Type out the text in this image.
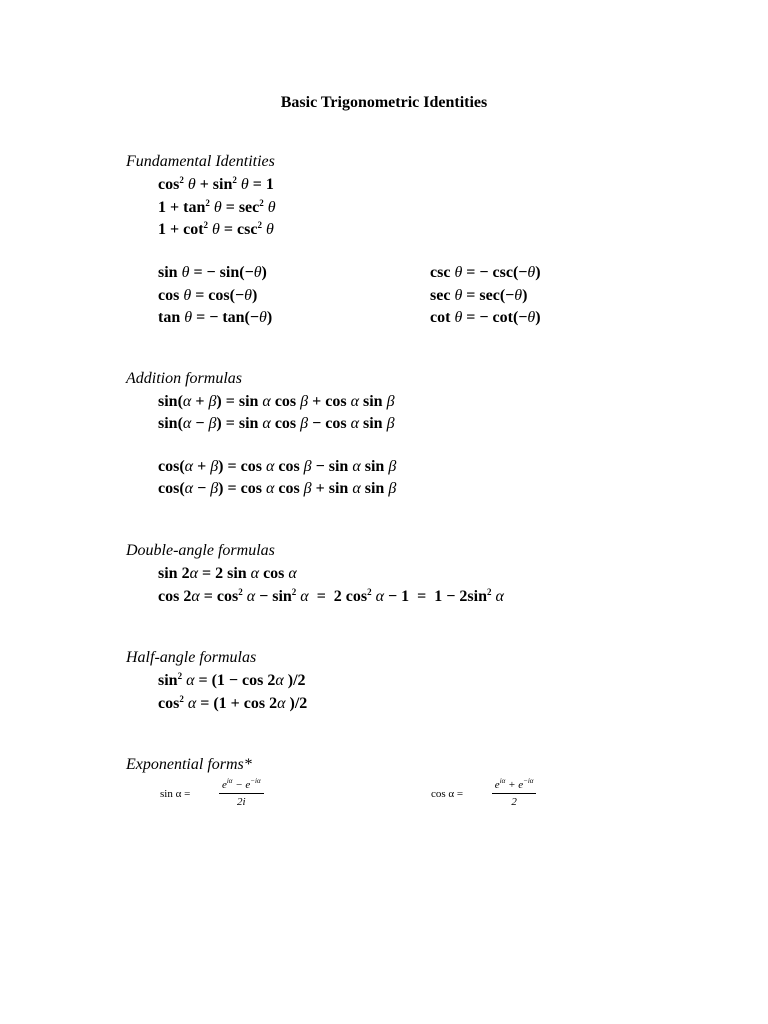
Basic Trigonometric Identities
Fundamental Identities
$\cos^2 \theta + \sin^2 \theta = 1$
$1 + \tan^2 \theta = \sec^2 \theta$
$1 + \cot^2 \theta = \csc^2 \theta$
sin θ = − sin(−θ)
cos θ = cos(−θ)
tan θ = − tan(−θ)
csc θ = − csc(−θ)
sec θ = sec(−θ)
cot θ = − cot(−θ)
Addition formulas
sin(α + β) = sin α cos β + cos α sin β
sin(α − β) = sin α cos β − cos α sin β
cos(α + β) = cos α cos β − sin α sin β
cos(α − β) = cos α cos β + sin α sin β
Double-angle formulas
sin 2α = 2 sin α cos α
$\cos 2\alpha = \cos^2 \alpha - \sin^2 \alpha = 2$ $\cos^2 \alpha - 1 = 1 - 2\sin^2$ α
Half-angle formulas
$\sin^2 \alpha = (1 - \cos 2\alpha$ )/2
$\cos^2 \alpha = (1 + \cos 2\alpha$ )/2
Exponential forms*
$\sin \alpha = \frac{e^{i\alpha} - e^{-i\alpha}}{2i}$	$\cos \alpha = \frac{e^{i\alpha} + e^{-i\alpha}}{2}$
